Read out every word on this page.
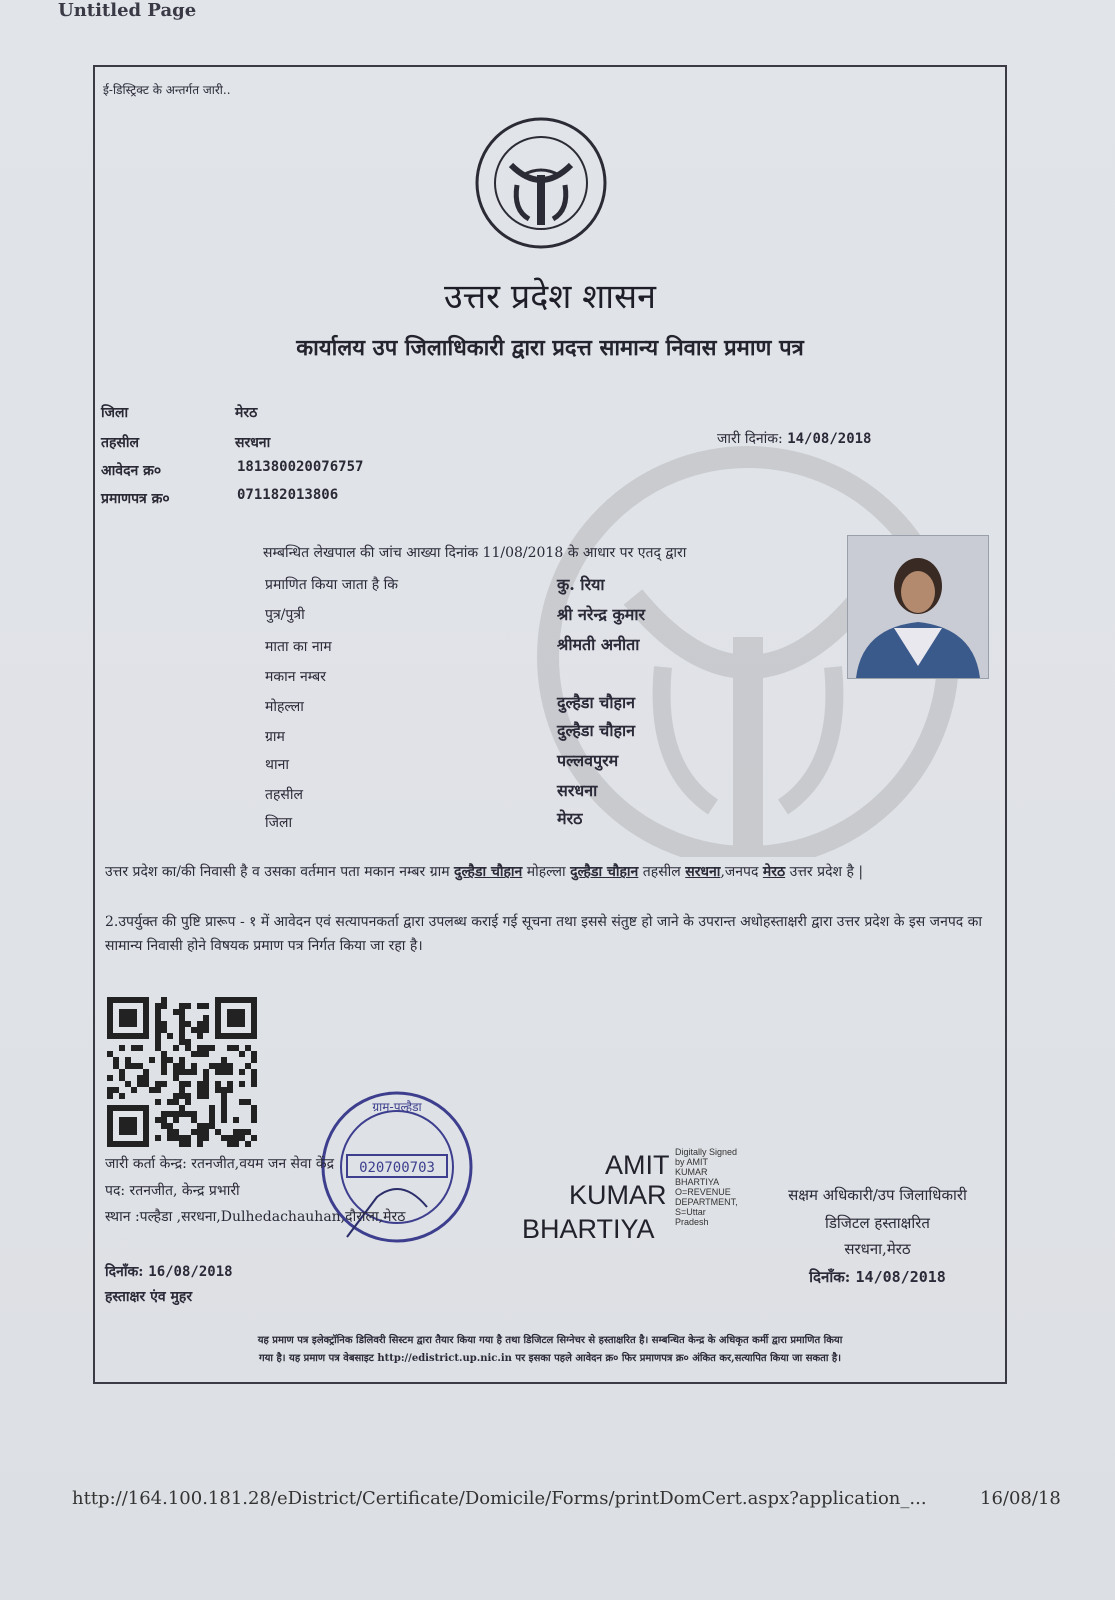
Untitled Page
ई-डिस्ट्रिक्ट के अन्तर्गत जारी..
उत्तर प्रदेश शासन
कार्यालय उप जिलाधिकारी द्वारा प्रदत्त सामान्य निवास प्रमाण पत्र
जिला	मेरठ
तहसील	सरधना
आवेदन क्र०	181380020076757
प्रमाणपत्र क्र०	071182013806
जारी दिनांक: 14/08/2018
सम्बन्धित लेखपाल की जांच आख्या दिनांक 11/08/2018 के आधार पर एतद् द्वारा
प्रमाणित किया जाता है कि	कु. रिया
पुत्र/पुत्री	श्री नरेन्द्र कुमार
माता का नाम	श्रीमती अनीता
मकान नम्बर
मोहल्ला	दुल्हैडा चौहान
ग्राम	दुल्हैडा चौहान
थाना	पल्लवपुरम
तहसील	सरधना
जिला	मेरठ
उत्तर प्रदेश का/की निवासी है व उसका वर्तमान पता मकान नम्बर ग्राम दुल्हैडा चौहान मोहल्ला दुल्हैडा चौहान तहसील सरधना,जनपद मेरठ उत्तर प्रदेश है |
2.उपर्युक्त की पुष्टि प्रारूप - १ में आवेदन एवं सत्यापनकर्ता द्वारा उपलब्ध कराई गई सूचना तथा इससे संतुष्ट हो जाने के उपरान्त अधोहस्ताक्षरी द्वारा उत्तर प्रदेश के इस जनपद का सामान्य निवासी होने विषयक प्रमाण पत्र निर्गत किया जा रहा है।
ग्राम-पल्हैडा
020700703
जारी कर्ता केन्द्र: रतनजीत,वयम जन सेवा केंद्र
पद: रतनजीत, केन्द्र प्रभारी
स्थान :पल्हैडा ,सरधना,Dulhedachauhan,दौराला,मेरठ
दिनाँक: 16/08/2018
हस्ताक्षर एंव मुहर
AMIT
KUMAR
BHARTIYA
Digitally Signed
by AMIT
KUMAR
BHARTIYA
O=REVENUE
DEPARTMENT,
S=Uttar
Pradesh
सक्षम अधिकारी/उप जिलाधिकारी
डिजिटल हस्ताक्षरित
सरधना,मेरठ
दिनाँक: 14/08/2018
यह प्रमाण पत्र इलेक्ट्रॉनिक डिलिवरी सिस्टम द्वारा तैयार किया गया है तथा डिजिटल सिग्नेचर से हस्ताक्षरित है। सम्बन्धित केन्द्र के अधिकृत कर्मी द्वारा प्रमाणित किया
गया है। यह प्रमाण पत्र वेबसाइट http://edistrict.up.nic.in पर इसका पहले आवेदन क्र० फिर प्रमाणपत्र क्र० अंकित कर,सत्यापित किया जा सकता है।
http://164.100.181.28/eDistrict/Certificate/Domicile/Forms/printDomCert.aspx?application_...	16/08/18
